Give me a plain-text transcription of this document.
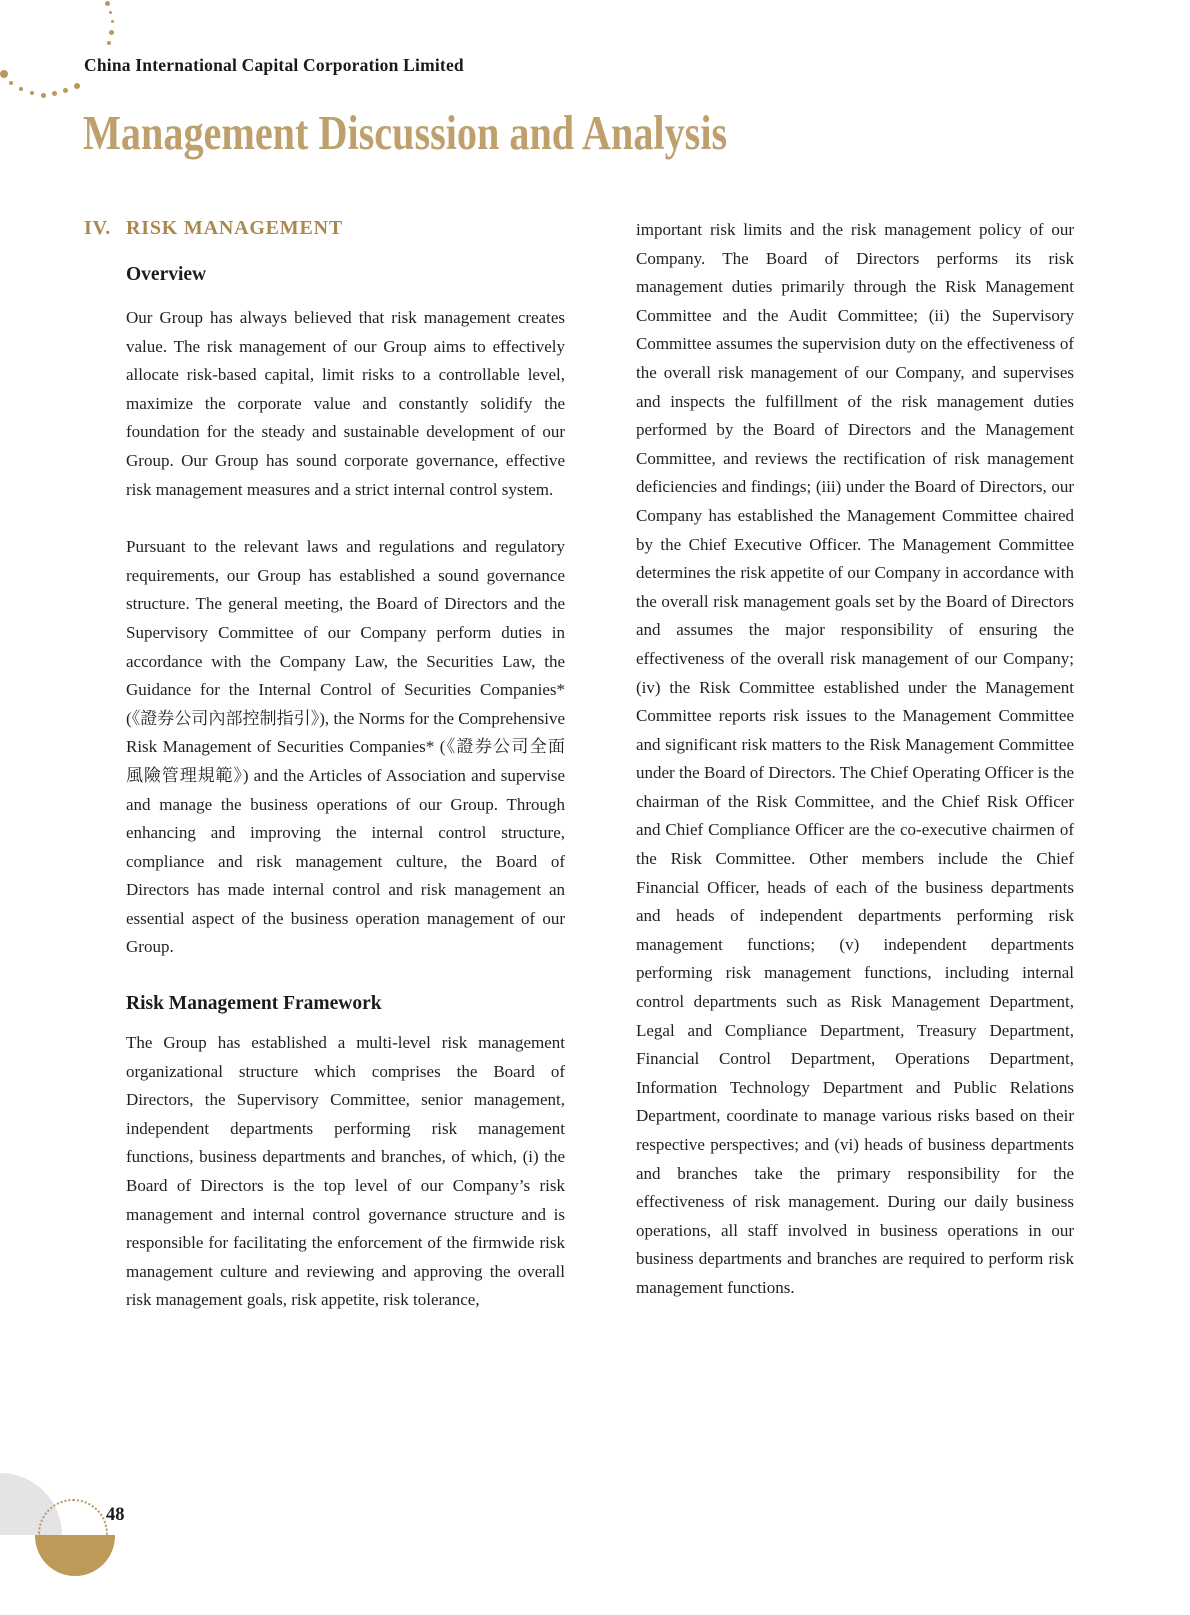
China International Capital Corporation Limited
Management Discussion and Analysis
IV. RISK MANAGEMENT
Overview

Our Group has always believed that risk management creates value. The risk management of our Group aims to effectively allocate risk-based capital, limit risks to a controllable level, maximize the corporate value and constantly solidify the foundation for the steady and sustainable development of our Group. Our Group has sound corporate governance, effective risk management measures and a strict internal control system.

Pursuant to the relevant laws and regulations and regulatory requirements, our Group has established a sound governance structure. The general meeting, the Board of Directors and the Supervisory Committee of our Company perform duties in accordance with the Company Law, the Securities Law, the Guidance for the Internal Control of Securities Companies* (《證券公司內部控制指引》), the Norms for the Comprehensive Risk Management of Securities Companies* (《證券公司全面風險管理規範》) and the Articles of Association and supervise and manage the business operations of our Group. Through enhancing and improving the internal control structure, compliance and risk management culture, the Board of Directors has made internal control and risk management an essential aspect of the business operation management of our Group.

Risk Management Framework

The Group has established a multi-level risk management organizational structure which comprises the Board of Directors, the Supervisory Committee, senior management, independent departments performing risk management functions, business departments and branches, of which, (i) the Board of Directors is the top level of our Company’s risk management and internal control governance structure and is responsible for facilitating the enforcement of the firmwide risk management culture and reviewing and approving the overall risk management goals, risk appetite, risk tolerance,

important risk limits and the risk management policy of our Company. The Board of Directors performs its risk management duties primarily through the Risk Management Committee and the Audit Committee; (ii) the Supervisory Committee assumes the supervision duty on the effectiveness of the overall risk management of our Company, and supervises and inspects the fulfillment of the risk management duties performed by the Board of Directors and the Management Committee, and reviews the rectification of risk management deficiencies and findings; (iii) under the Board of Directors, our Company has established the Management Committee chaired by the Chief Executive Officer. The Management Committee determines the risk appetite of our Company in accordance with the overall risk management goals set by the Board of Directors and assumes the major responsibility of ensuring the effectiveness of the overall risk management of our Company; (iv) the Risk Committee established under the Management Committee reports risk issues to the Management Committee and significant risk matters to the Risk Management Committee under the Board of Directors. The Chief Operating Officer is the chairman of the Risk Committee, and the Chief Risk Officer and Chief Compliance Officer are the co-executive chairmen of the Risk Committee. Other members include the Chief Financial Officer, heads of each of the business departments and heads of independent departments performing risk management functions; (v) independent departments performing risk management functions, including internal control departments such as Risk Management Department, Legal and Compliance Department, Treasury Department, Financial Control Department, Operations Department, Information Technology Department and Public Relations Department, coordinate to manage various risks based on their respective perspectives; and (vi) heads of business departments and branches take the primary responsibility for the effectiveness of risk management. During our daily business operations, all staff involved in business operations in our business departments and branches are required to perform risk management functions.

48
